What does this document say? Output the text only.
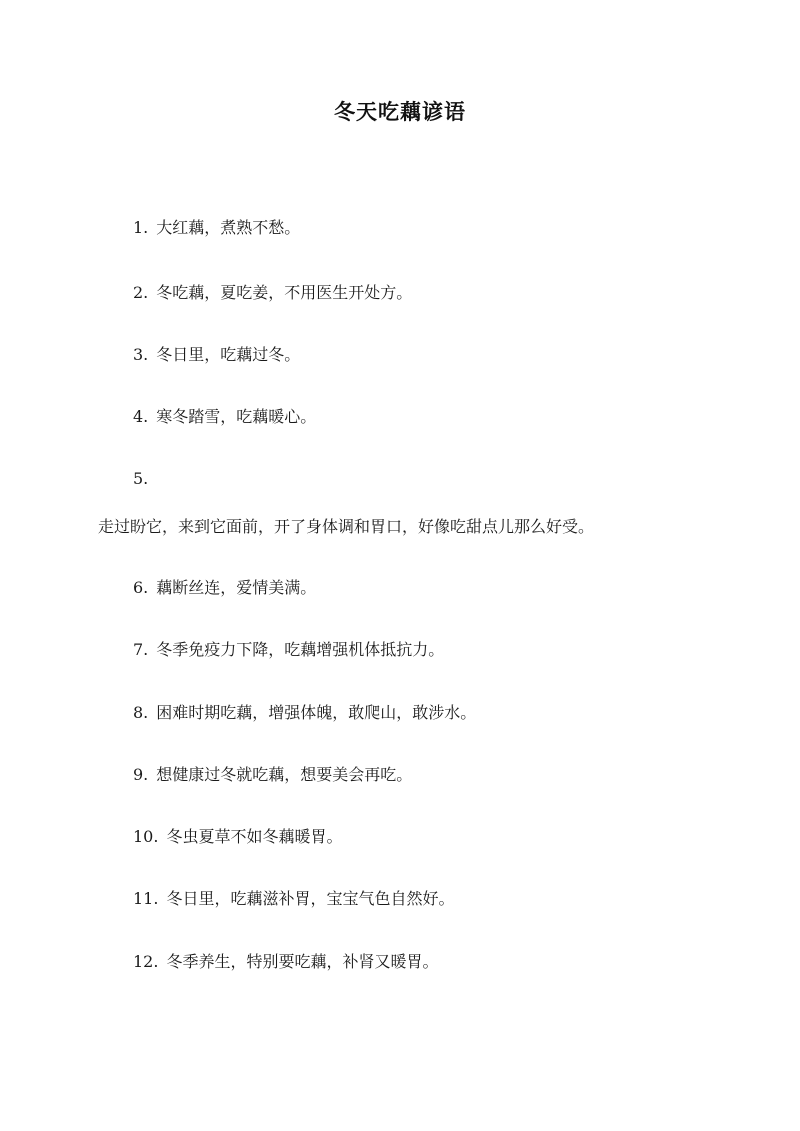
冬天吃藕谚语
1. 大红藕，煮熟不愁。
2. 冬吃藕，夏吃姜，不用医生开处方。
3. 冬日里，吃藕过冬。
4. 寒冬踏雪，吃藕暖心。
5.
走过盼它，来到它面前，开了身体调和胃口，好像吃甜点儿那么好受。
6. 藕断丝连，爱情美满。
7. 冬季免疫力下降，吃藕增强机体抵抗力。
8. 困难时期吃藕，增强体魄，敢爬山，敢涉水。
9. 想健康过冬就吃藕，想要美会再吃。
10. 冬虫夏草不如冬藕暖胃。
11. 冬日里，吃藕滋补胃，宝宝气色自然好。
12. 冬季养生，特别要吃藕，补肾又暖胃。
